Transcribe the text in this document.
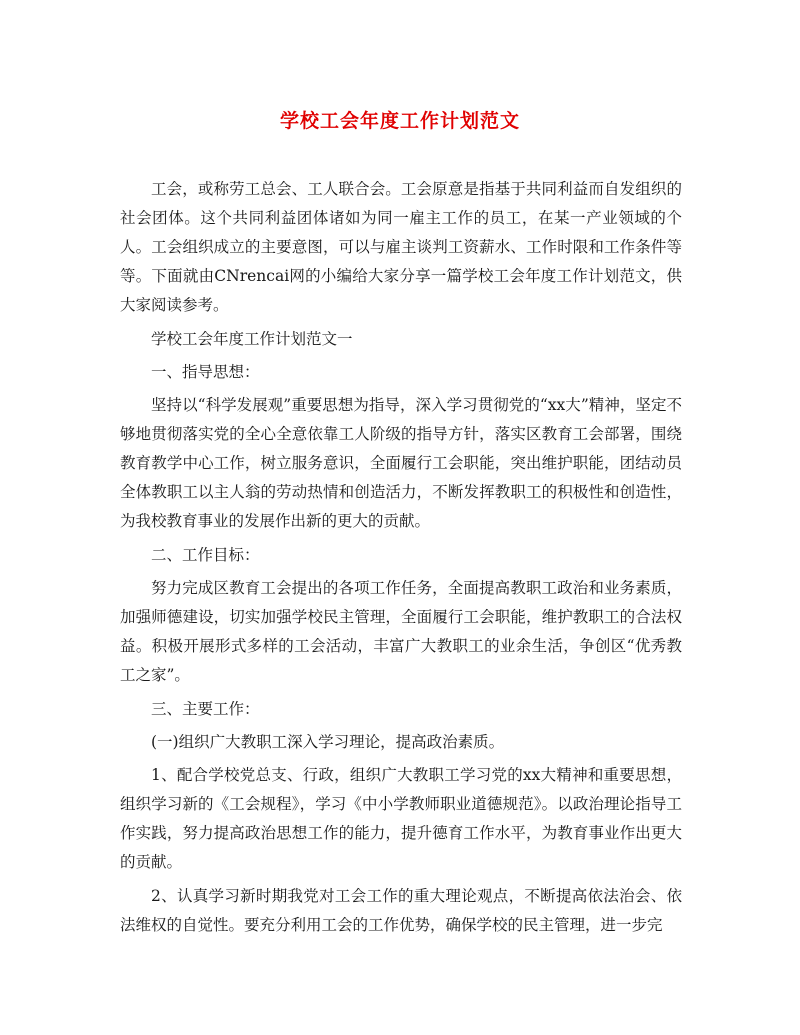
学校工会年度工作计划范文

工会，或称劳工总会、工人联合会。工会原意是指基于共同利益而自发组织的社会团体。这个共同利益团体诸如为同一雇主工作的员工，在某一产业领域的个人。工会组织成立的主要意图，可以与雇主谈判工资薪水、工作时限和工作条件等等。下面就由CNrencai网的小编给大家分享一篇学校工会年度工作计划范文，供大家阅读参考。

学校工会年度工作计划范文一

一、指导思想：

坚持以“科学发展观”重要思想为指导，深入学习贯彻党的“xx大”精神，坚定不够地贯彻落实党的全心全意依靠工人阶级的指导方针，落实区教育工会部署，围绕教育教学中心工作，树立服务意识，全面履行工会职能，突出维护职能，团结动员全体教职工以主人翁的劳动热情和创造活力，不断发挥教职工的积极性和创造性，为我校教育事业的发展作出新的更大的贡献。

二、工作目标：

努力完成区教育工会提出的各项工作任务，全面提高教职工政治和业务素质，加强师德建设，切实加强学校民主管理，全面履行工会职能，维护教职工的合法权益。积极开展形式多样的工会活动，丰富广大教职工的业余生活，争创区“优秀教工之家”。

三、主要工作：

(一)组织广大教职工深入学习理论，提高政治素质。

1、配合学校党总支、行政，组织广大教职工学习党的xx大精神和重要思想，组织学习新的《工会规程》，学习《中小学教师职业道德规范》。以政治理论指导工作实践，努力提高政治思想工作的能力，提升德育工作水平，为教育事业作出更大的贡献。

2、认真学习新时期我党对工会工作的重大理论观点，不断提高依法治会、依法维权的自觉性。要充分利用工会的工作优势，确保学校的民主管理，进一步完
